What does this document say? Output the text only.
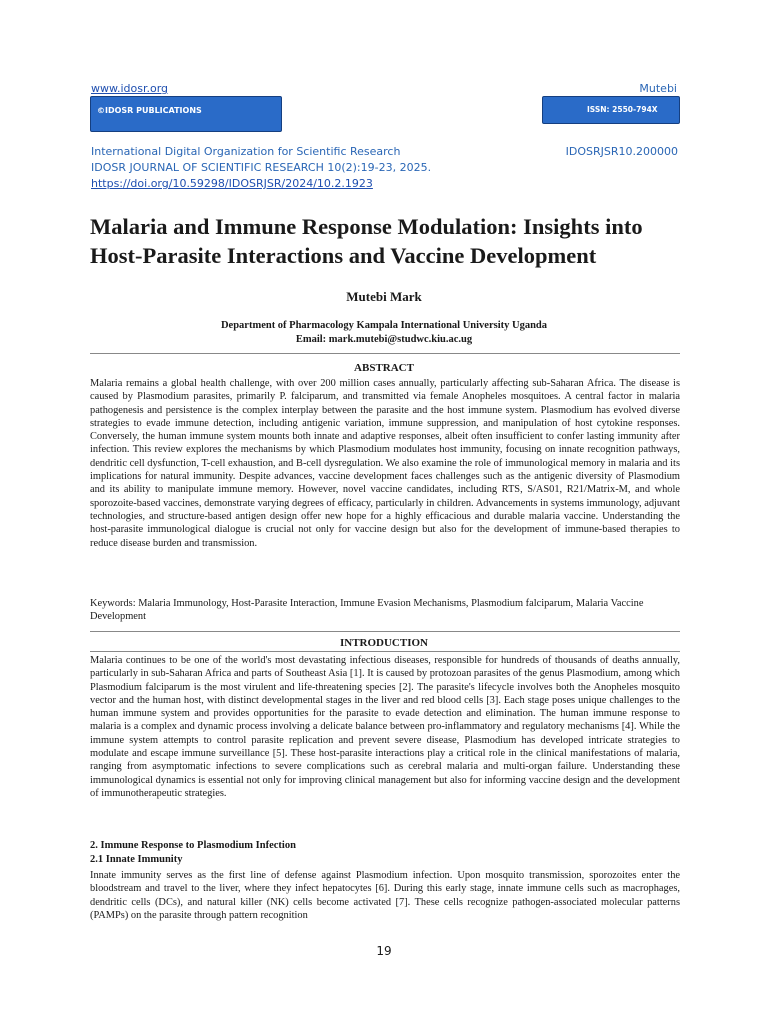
www.idosr.org	Mutebi
©IDOSR PUBLICATIONS	ISSN: 2550-794X
International Digital Organization for Scientific Research
IDOSR JOURNAL OF SCIENTIFIC RESEARCH 10(2):19-23, 2025.
https://doi.org/10.59298/IDOSRJSR/2024/10.2.1923
IDOSRJSR10.200000
Malaria and Immune Response Modulation: Insights into Host-Parasite Interactions and Vaccine Development
Mutebi Mark
Department of Pharmacology Kampala International University Uganda
Email: mark.mutebi@studwc.kiu.ac.ug
ABSTRACT

Malaria remains a global health challenge, with over 200 million cases annually, particularly affecting sub-Saharan Africa. The disease is caused by Plasmodium parasites, primarily P. falciparum, and transmitted via female Anopheles mosquitoes. A central factor in malaria pathogenesis and persistence is the complex interplay between the parasite and the host immune system. Plasmodium has evolved diverse strategies to evade immune detection, including antigenic variation, immune suppression, and manipulation of host cytokine responses. Conversely, the human immune system mounts both innate and adaptive responses, albeit often insufficient to confer lasting immunity after infection. This review explores the mechanisms by which Plasmodium modulates host immunity, focusing on innate recognition pathways, dendritic cell dysfunction, T-cell exhaustion, and B-cell dysregulation. We also examine the role of immunological memory in malaria and its implications for natural immunity. Despite advances, vaccine development faces challenges such as the antigenic diversity of Plasmodium and its ability to manipulate immune memory. However, novel vaccine candidates, including RTS, S/AS01, R21/Matrix-M, and whole sporozoite-based vaccines, demonstrate varying degrees of efficacy, particularly in children. Advancements in systems immunology, adjuvant technologies, and structure-based antigen design offer new hope for a highly efficacious and durable malaria vaccine. Understanding the host-parasite immunological dialogue is crucial not only for vaccine design but also for the development of immune-based therapies to reduce disease burden and transmission.

Keywords: Malaria Immunology, Host-Parasite Interaction, Immune Evasion Mechanisms, Plasmodium falciparum, Malaria Vaccine Development

INTRODUCTION

Malaria continues to be one of the world's most devastating infectious diseases, responsible for hundreds of thousands of deaths annually, particularly in sub-Saharan Africa and parts of Southeast Asia [1]. It is caused by protozoan parasites of the genus Plasmodium, among which Plasmodium falciparum is the most virulent and life-threatening species [2]. The parasite's lifecycle involves both the Anopheles mosquito vector and the human host, with distinct developmental stages in the liver and red blood cells [3]. Each stage poses unique challenges to the human immune system and provides opportunities for the parasite to evade detection and elimination. The human immune response to malaria is a complex and dynamic process involving a delicate balance between pro-inflammatory and regulatory mechanisms [4]. While the immune system attempts to control parasite replication and prevent severe disease, Plasmodium has developed intricate strategies to modulate and escape immune surveillance [5]. These host-parasite interactions play a critical role in the clinical manifestations of malaria, ranging from asymptomatic infections to severe complications such as cerebral malaria and multi-organ failure. Understanding these immunological dynamics is essential not only for improving clinical management but also for informing vaccine design and the development of immunotherapeutic strategies.

2. Immune Response to Plasmodium Infection
2.1 Innate Immunity

Innate immunity serves as the first line of defense against Plasmodium infection. Upon mosquito transmission, sporozoites enter the bloodstream and travel to the liver, where they infect hepatocytes [6]. During this early stage, innate immune cells such as macrophages, dendritic cells (DCs), and natural killer (NK) cells become activated [7]. These cells recognize pathogen-associated molecular patterns (PAMPs) on the parasite through pattern recognition

19
